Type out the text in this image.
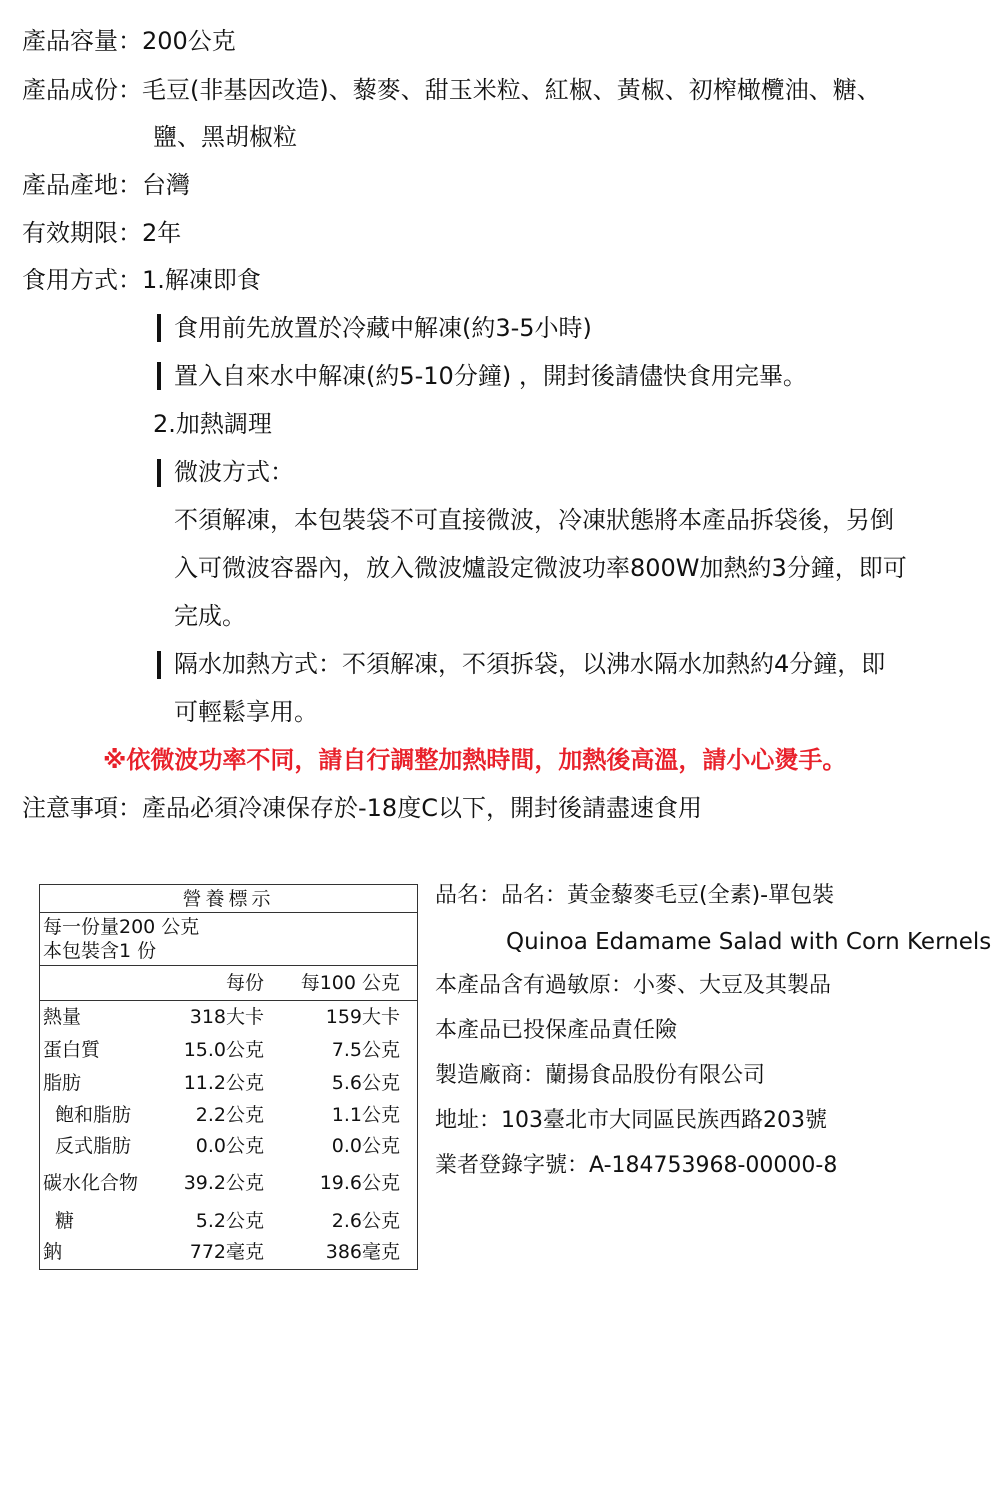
產品容量：200公克
產品成份：毛豆(非基因改造)、藜麥、甜玉米粒、紅椒、黃椒、初榨橄欖油、糖、
鹽、黑胡椒粒
產品產地：台灣
有效期限：2年
食用方式：1.解凍即食
食用前先放置於冷藏中解凍(約3-5小時)
置入自來水中解凍(約5-10分鐘) ，開封後請儘快食用完畢。
2.加熱調理
微波方式：
不須解凍，本包裝袋不可直接微波，冷凍狀態將本產品拆袋後，另倒
入可微波容器內，放入微波爐設定微波功率800W加熱約3分鐘，即可
完成。
隔水加熱方式：不須解凍，不須拆袋，以沸水隔水加熱約4分鐘，即
可輕鬆享用。
※依微波功率不同，請自行調整加熱時間，加熱後高溫，請小心燙手。
注意事項：產品必須冷凍保存於-18度C以下，開封後請盡速食用
營養標示
每一份量200 公克
本包裝含1 份
每份 每100 公克
熱量	318大卡	159大卡
蛋白質	15.0公克	7.5公克
脂肪	11.2公克	5.6公克
飽和脂肪	2.2公克	1.1公克
反式脂肪	0.0公克	0.0公克
碳水化合物 39.2公克	19.6公克
糖	5.2公克	2.6公克
鈉	772毫克	386毫克
品名：品名：黃金藜麥毛豆(全素)-單包裝
Quinoa Edamame Salad with Corn Kernels
本產品含有過敏原：小麥、大豆及其製品
本產品已投保產品責任險
製造廠商：蘭揚食品股份有限公司
地址：103臺北市大同區民族西路203號
業者登錄字號：A-184753968-00000-8
